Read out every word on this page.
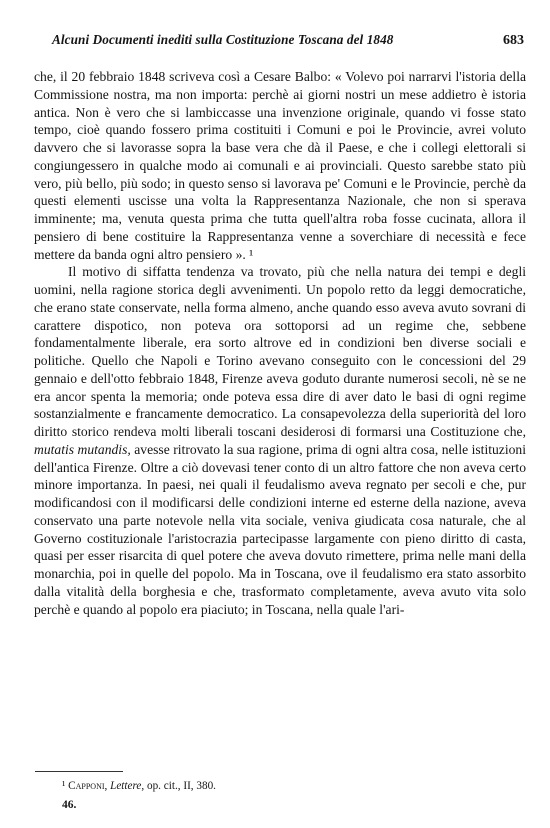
Alcuni Documenti inediti sulla Costituzione Toscana del 1848	683

che, il 20 febbraio 1848 scriveva così a Cesare Balbo: « Volevo poi narrarvi l'istoria della Commissione nostra, ma non importa: perchè ai giorni nostri un mese addietro è istoria antica. Non è vero che si lambiccasse una invenzione originale, quando vi fosse stato tempo, cioè quando fossero prima costituiti i Comuni e poi le Provincie, avrei voluto davvero che si lavorasse sopra la base vera che dà il Paese, e che i collegi elettorali si congiungessero in qualche modo ai comunali e ai provinciali. Questo sarebbe stato più vero, più bello, più sodo; in questo senso si lavorava pe' Comuni e le Provincie, perchè da questi elementi uscisse una volta la Rappresentanza Nazionale, che non si sperava imminente; ma, venuta questa prima che tutta quell'altra roba fosse cucinata, allora il pensiero di bene costituire la Rappresentanza venne a soverchiare di necessità e fece mettere da banda ogni altro pensiero ». ¹

Il motivo di siffatta tendenza va trovato, più che nella natura dei tempi e degli uomini, nella ragione storica degli avvenimenti. Un popolo retto da leggi democratiche, che erano state conservate, nella forma almeno, anche quando esso aveva avuto sovrani di carattere dispotico, non poteva ora sottoporsi ad un regime che, sebbene fondamentalmente liberale, era sorto altrove ed in condizioni ben diverse sociali e politiche. Quello che Napoli e Torino avevano conseguito con le concessioni del 29 gennaio e dell'otto febbraio 1848, Firenze aveva goduto durante numerosi secoli, nè se ne era ancor spenta la memoria; onde poteva essa dire di aver dato le basi di ogni regime sostanzialmente e francamente democratico. La consapevolezza della superiorità del loro diritto storico rendeva molti liberali toscani desiderosi di formarsi una Costituzione che, mutatis mutandis, avesse ritrovato la sua ragione, prima di ogni altra cosa, nelle istituzioni dell'antica Firenze. Oltre a ciò dovevasi tener conto di un altro fattore che non aveva certo minore importanza. In paesi, nei quali il feudalismo aveva regnato per secoli e che, pur modificandosi con il modificarsi delle condizioni interne ed esterne della nazione, aveva conservato una parte notevole nella vita sociale, veniva giudicata cosa naturale, che al Governo costituzionale l'aristocrazia partecipasse largamente con pieno diritto di casta, quasi per esser risarcita di quel potere che aveva dovuto rimettere, prima nelle mani della monarchia, poi in quelle del popolo. Ma in Toscana, ove il feudalismo era stato assorbito dalla vitalità della borghesia e che, trasformato completamente, aveva avuto vita solo perchè e quando al popolo era piaciuto; in Toscana, nella quale l'ari-

¹ Capponi, Lettere, op. cit., II, 380.
46.
